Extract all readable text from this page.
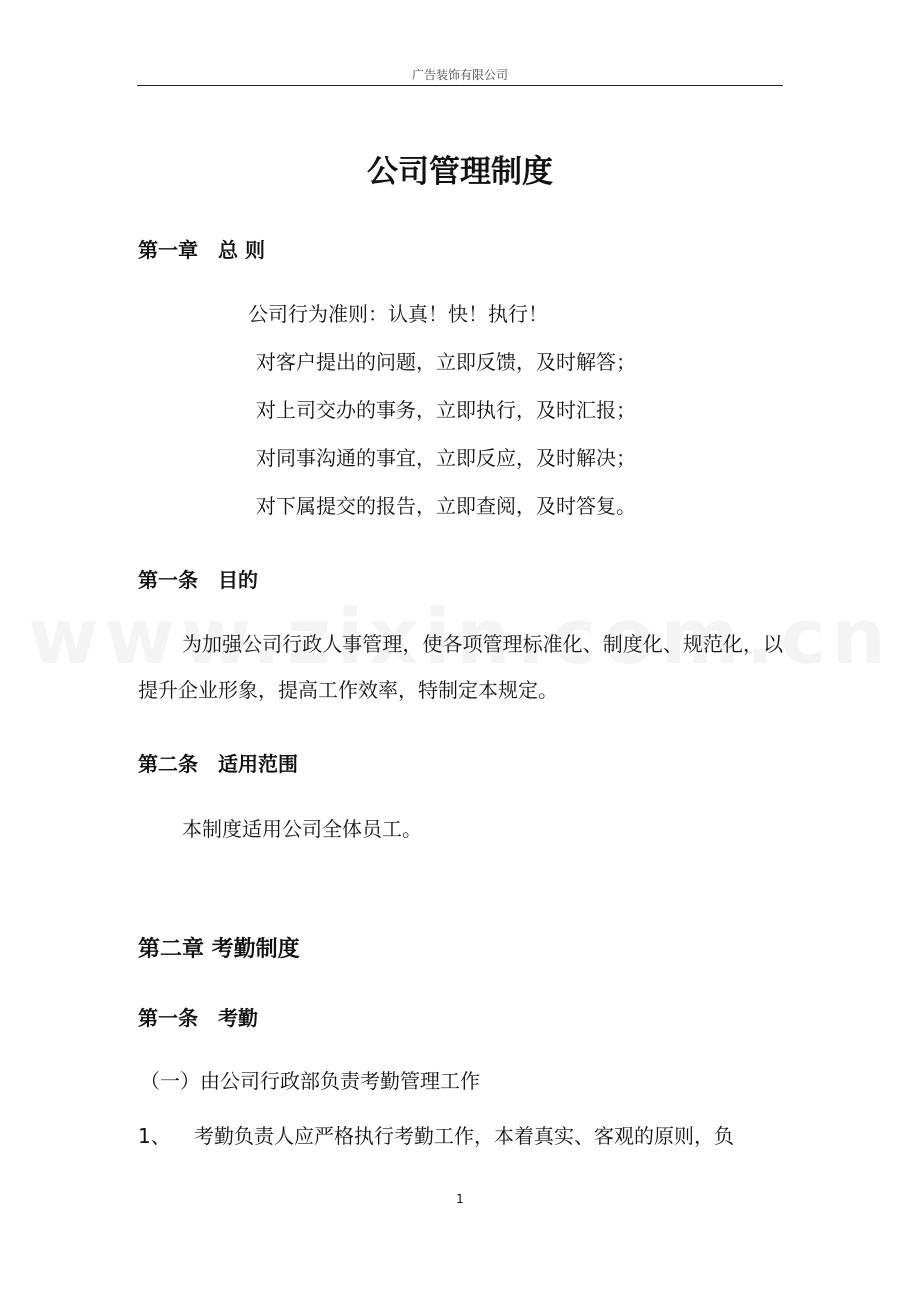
广告装饰有限公司
公司管理制度
第一章　总 则
公司行为准则：认真！快！执行！
对客户提出的问题，立即反馈，及时解答；
对上司交办的事务，立即执行，及时汇报；
对同事沟通的事宜，立即反应，及时解决；
对下属提交的报告，立即查阅，及时答复。
第一条　目的
为加强公司行政人事管理，使各项管理标准化、制度化、规范化，以提升企业形象，提高工作效率，特制定本规定。
第二条　适用范围
本制度适用公司全体员工。
第二章 考勤制度
第一条　考勤
（一）由公司行政部负责考勤管理工作
1、 考勤负责人应严格执行考勤工作，本着真实、客观的原则，负
1
